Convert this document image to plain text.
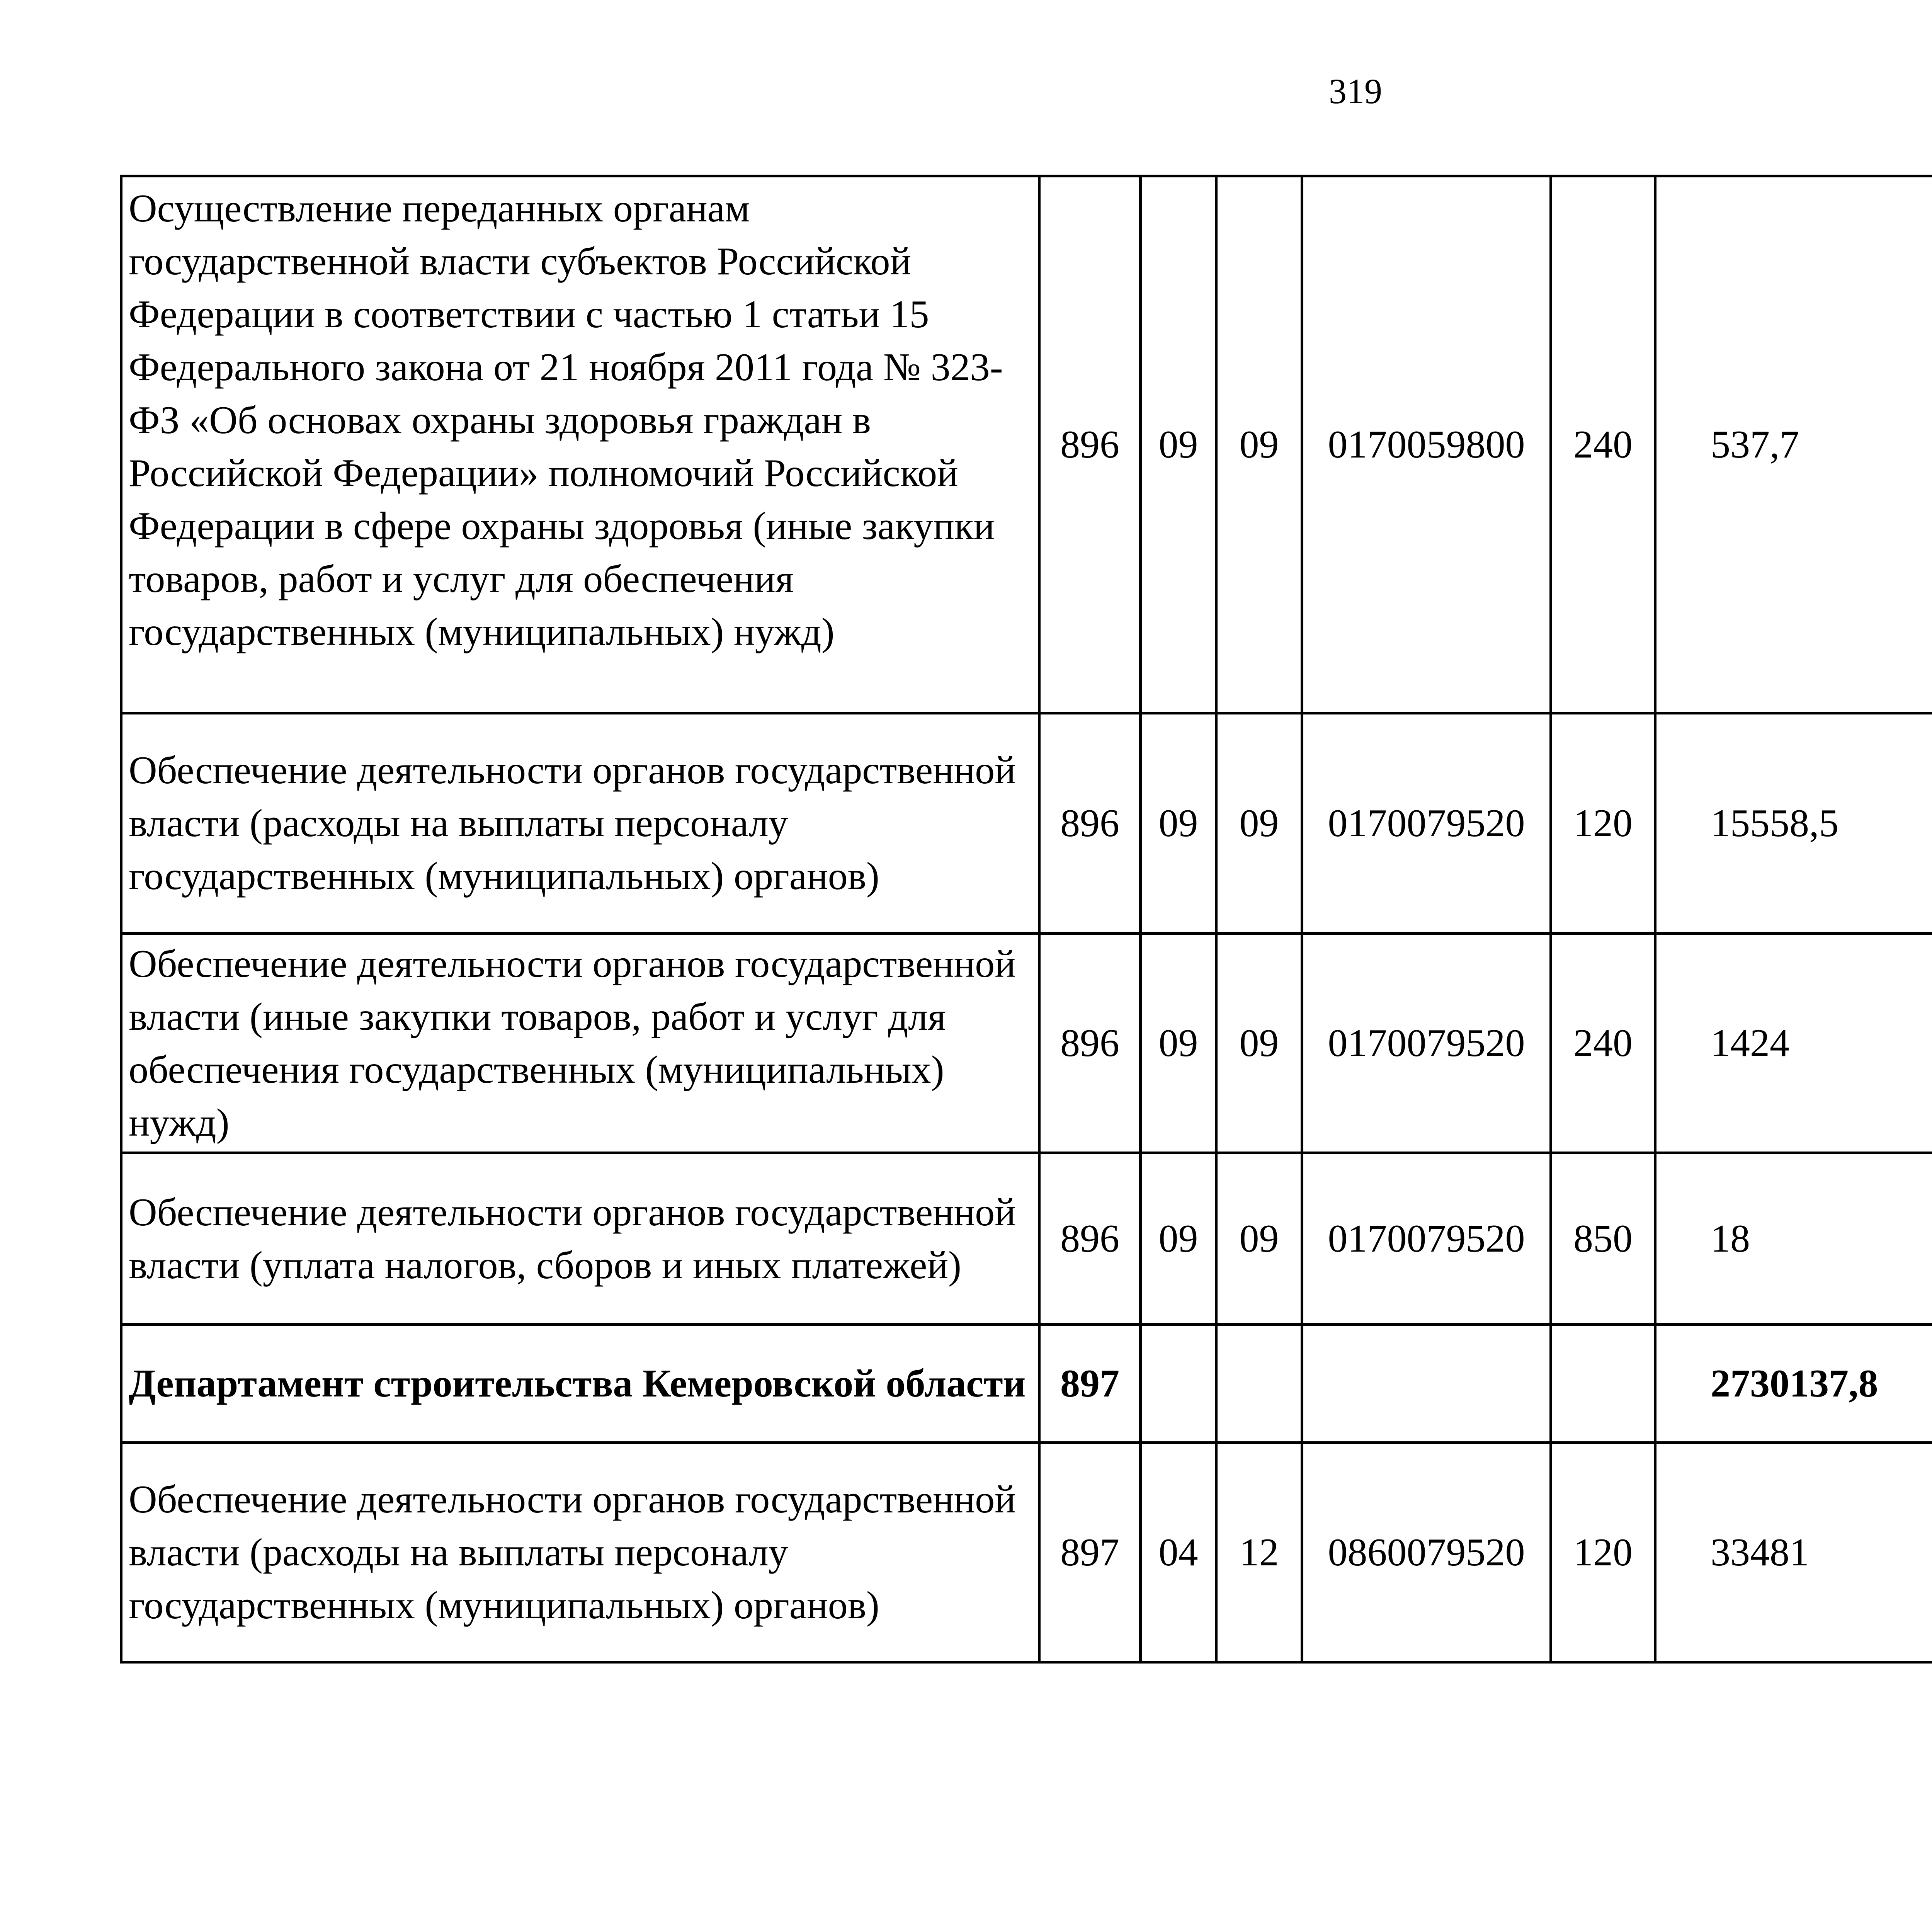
319
Осуществление переданных органам государственной власти субъектов Российской Федерации в соответствии с частью 1 статьи 15 Федерального закона от 21 ноября 2011 года № 323-ФЗ «Об основах охраны здоровья граждан в Российской Федерации» полномочий Российской Федерации в сфере охраны здоровья (иные закупки товаров, работ и услуг для обеспечения государственных (муниципальных) нужд)	896	09	09	0170059800	240	537,7		
Обеспечение деятельности органов государственной власти (расходы на выплаты персоналу государственных (муниципальных) органов)	896	09	09	0170079520	120	15558,5		
Обеспечение деятельности органов государственной власти (иные закупки товаров, работ и услуг для обеспечения государственных (муниципальных) нужд)	896	09	09	0170079520	240	1424		
Обеспечение деятельности органов государственной власти (уплата налогов, сборов и иных платежей)	896	09	09	0170079520	850	18		
Департамент строительства Кемеровской области	897					2730137,8		
Обеспечение деятельности органов государственной власти (расходы на выплаты персоналу государственных (муниципальных) органов)	897	04	12	0860079520	120	33481		
